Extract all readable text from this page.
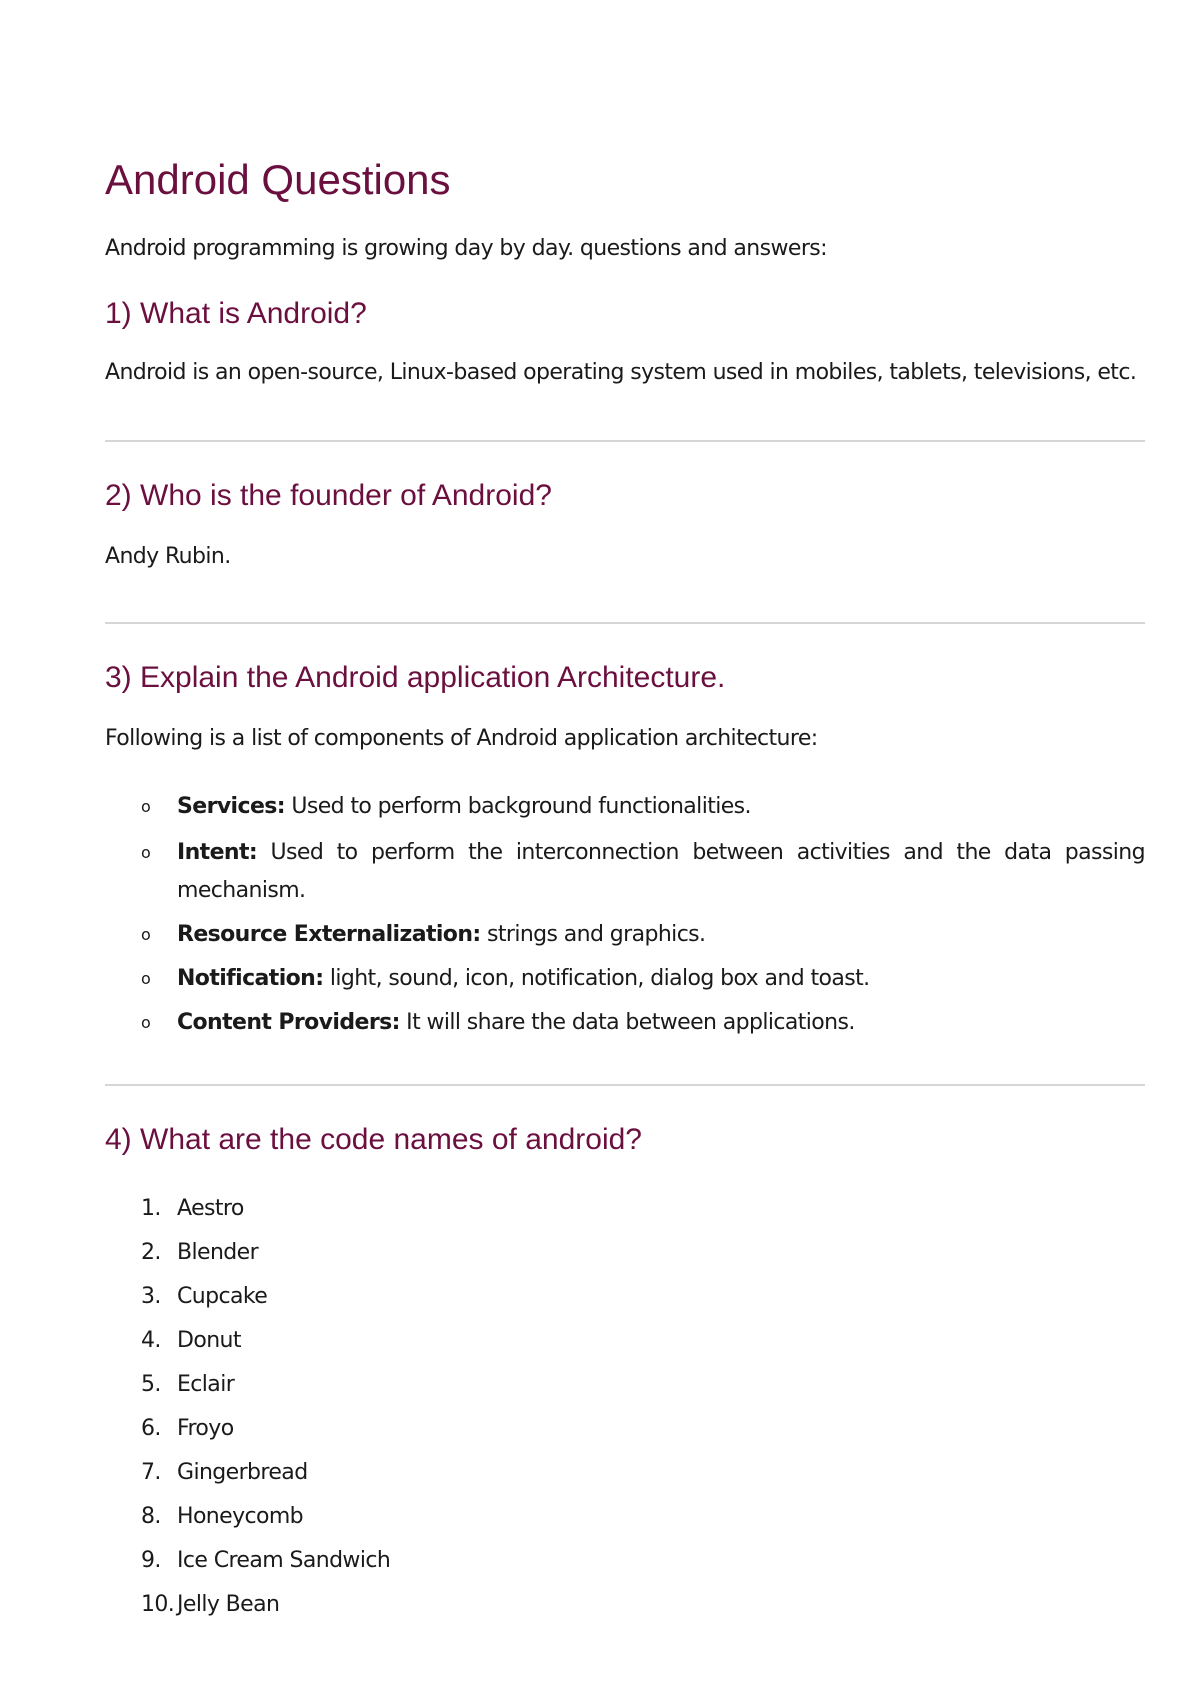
Android Questions

Android programming is growing day by day. questions and answers:

1) What is Android?

Android is an open-source, Linux-based operating system used in mobiles, tablets, televisions, etc.

2) Who is the founder of Android?

Andy Rubin.

3) Explain the Android application Architecture.

Following is a list of components of Android application architecture:

o Services: Used to perform background functionalities.
o Intent: Used to perform the interconnection between activities and the data passing
mechanism.
o Resource Externalization: strings and graphics.
o Notification: light, sound, icon, notification, dialog box and toast.
o Content Providers: It will share the data between applications.
4) What are the code names of android?
1. Aestro
2. Blender
3. Cupcake
4. Donut
5. Eclair
6. Froyo
7. Gingerbread
8. Honeycomb
9. Ice Cream Sandwich
10. Jelly Bean
